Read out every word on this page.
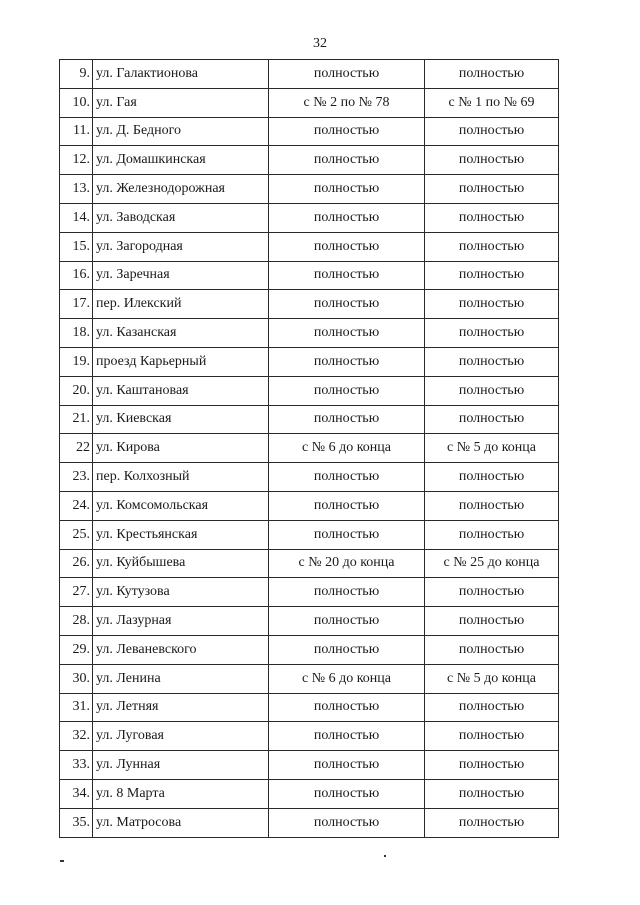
32
9.	ул. Галактионова	полностью	полностью
10.	ул. Гая	с № 2 по № 78	с № 1 по № 69
11.	ул. Д. Бедного	полностью	полностью
12.	ул. Домашкинская	полностью	полностью
13.	ул. Железнодорожная	полностью	полностью
14.	ул. Заводская	полностью	полностью
15.	ул. Загородная	полностью	полностью
16.	ул. Заречная	полностью	полностью
17.	пер. Илекский	полностью	полностью
18.	ул. Казанская	полностью	полностью
19.	проезд Карьерный	полностью	полностью
20.	ул. Каштановая	полностью	полностью
21.	ул. Киевская	полностью	полностью
22	ул. Кирова	с № 6 до конца	с № 5 до конца
23.	пер. Колхозный	полностью	полностью
24.	ул. Комсомольская	полностью	полностью
25.	ул. Крестьянская	полностью	полностью
26.	ул. Куйбышева	с № 20 до конца	с № 25 до конца
27.	ул. Кутузова	полностью	полностью
28.	ул. Лазурная	полностью	полностью
29.	ул. Леваневского	полностью	полностью
30.	ул. Ленина	с № 6 до конца	с № 5 до конца
31.	ул. Летняя	полностью	полностью
32.	ул. Луговая	полностью	полностью
33.	ул. Лунная	полностью	полностью
34.	ул. 8 Марта	полностью	полностью
35.	ул. Матросова	полностью	полностью
